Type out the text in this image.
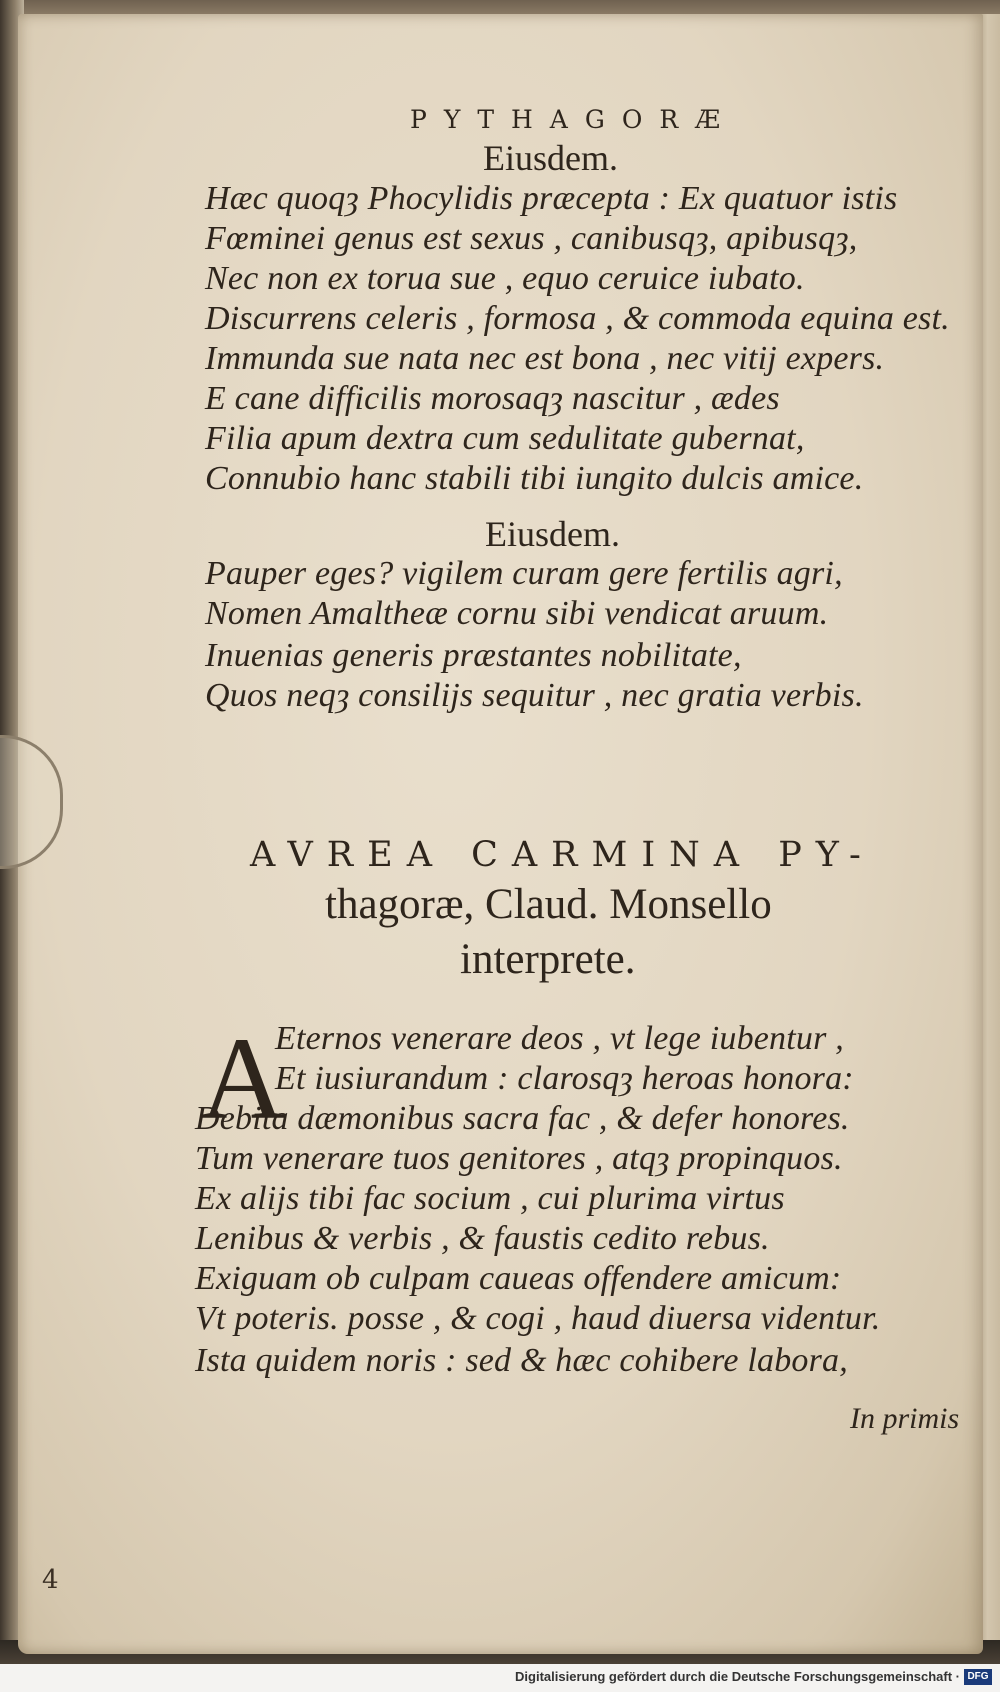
PYTHAGORÆ
Eiusdem.
Hæc quoqȝ Phocylidis præcepta : Ex quatuor istis
Fœminei genus est sexus , canibusqȝ, apibusqȝ,
Nec non ex torua sue , equo ceruice iubato.
Discurrens celeris , formosa , & commoda equina est.
Immunda sue nata nec est bona , nec vitij expers.
E cane difficilis morosaqȝ nascitur , ædes
Filia apum dextra cum sedulitate gubernat,
Connubio hanc stabili tibi iungito dulcis amice.
Eiusdem.
Pauper eges? vigilem curam gere fertilis agri,
Nomen Amaltheæ cornu sibi vendicat aruum.
Inuenias generis præstantes nobilitate,
Quos neqȝ consilijs sequitur , nec gratia verbis.
AVREA CARMINA PY-
thagoræ, Claud. Monsello
interprete.
A
Eternos venerare deos , vt lege iubentur ,
Et iusiurandum : clarosqȝ heroas honora:
Debita dæmonibus sacra fac , & defer honores.
Tum venerare tuos genitores , atqȝ propinquos.
Ex alijs tibi fac socium , cui plurima virtus
Lenibus & verbis , & faustis cedito rebus.
Exiguam ob culpam caueas offendere amicum:
Vt poteris. posse , & cogi , haud diuersa videntur.
Ista quidem noris : sed & hæc cohibere labora,
In primis
4
Digitalisierung gefördert durch die Deutsche Forschungsgemeinschaft · DFG
